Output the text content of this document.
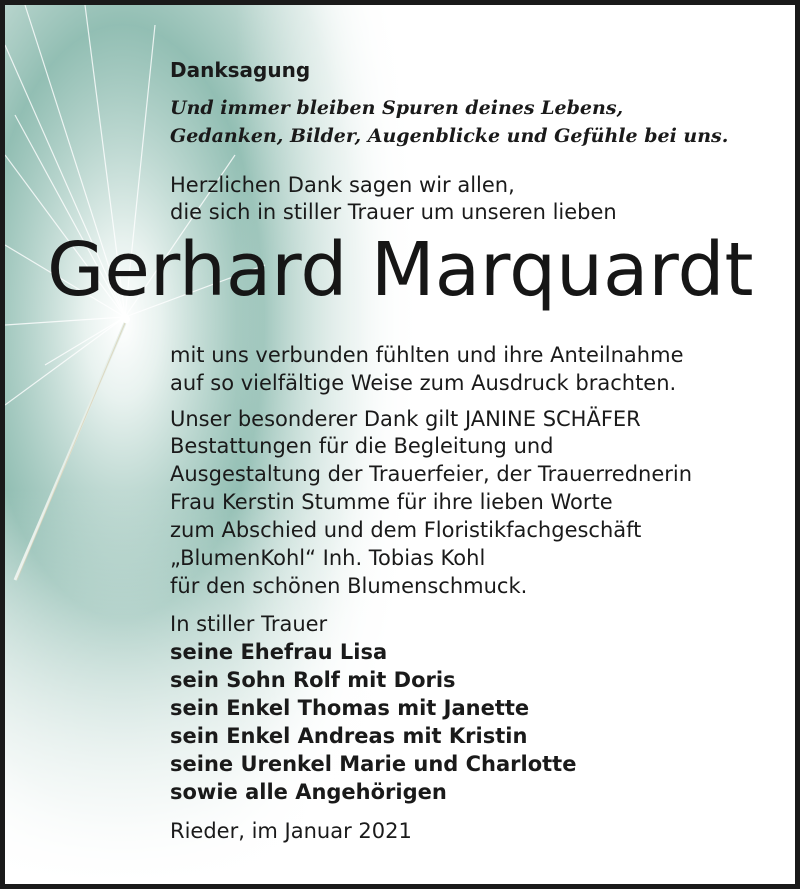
Danksagung

Und immer bleiben Spuren deines Lebens,

Gedanken, Bilder, Augenblicke und Gefühle bei uns.

Herzlichen Dank sagen wir allen,

die sich in stiller Trauer um unseren lieben

Gerhard Marquardt

mit uns verbunden fühlten und ihre Anteilnahme

auf so vielfältige Weise zum Ausdruck brachten.

Unser besonderer Dank gilt JANINE SCHÄFER

Bestattungen für die Begleitung und

Ausgestaltung der Trauerfeier, der Trauerrednerin

Frau Kerstin Stumme für ihre lieben Worte

zum Abschied und dem Floristikfachgeschäft

„BlumenKohl“ Inh. Tobias Kohl

für den schönen Blumenschmuck.

In stiller Trauer

seine Ehefrau Lisa

sein Sohn Rolf mit Doris

sein Enkel Thomas mit Janette

sein Enkel Andreas mit Kristin

seine Urenkel Marie und Charlotte

sowie alle Angehörigen

Rieder, im Januar 2021
